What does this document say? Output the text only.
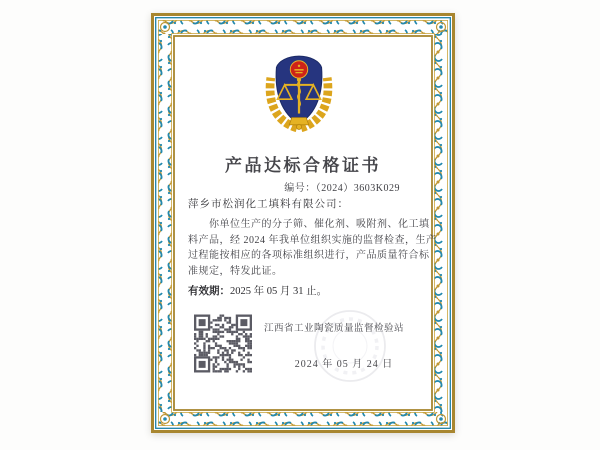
产品达标合格证书
编号：（2024）3603K029
萍乡市松润化工填料有限公司：
你单位生产的分子筛、催化剂、吸附剂、化工填
料产品，经 2024 年我单位组织实施的监督检查，生产
过程能按相应的各项标准组织进行，产品质量符合标
准规定，特发此证。
有效期：2025 年 05 月 31 止。
江西省工业陶瓷质量监督检验站
2024 年 05 月 24 日
